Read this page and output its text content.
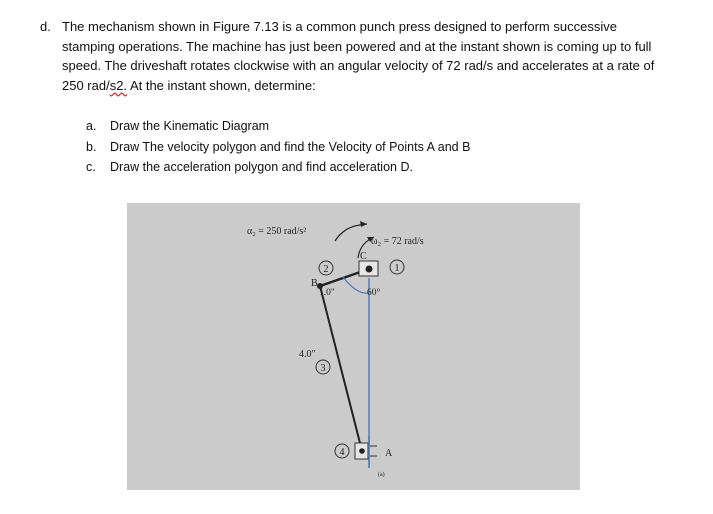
d. The mechanism shown in Figure 7.13 is a common punch press designed to perform successive stamping operations. The machine has just been powered and at the instant shown is coming up to full speed. The driveshaft rotates clockwise with an angular velocity of 72 rad/s and accelerates at a rate of 250 rad/s2. At the instant shown, determine:
a.	Draw the Kinematic Diagram
b.	Draw The velocity polygon and find the Velocity of Points A and B
c.	Draw the acceleration polygon and find acceleration D.
2	1
3
4
α₂ = 250 rad/s²
ω₂ = 72 rad/s
C
B
1.0"	60°
4.0"
A
(a)
